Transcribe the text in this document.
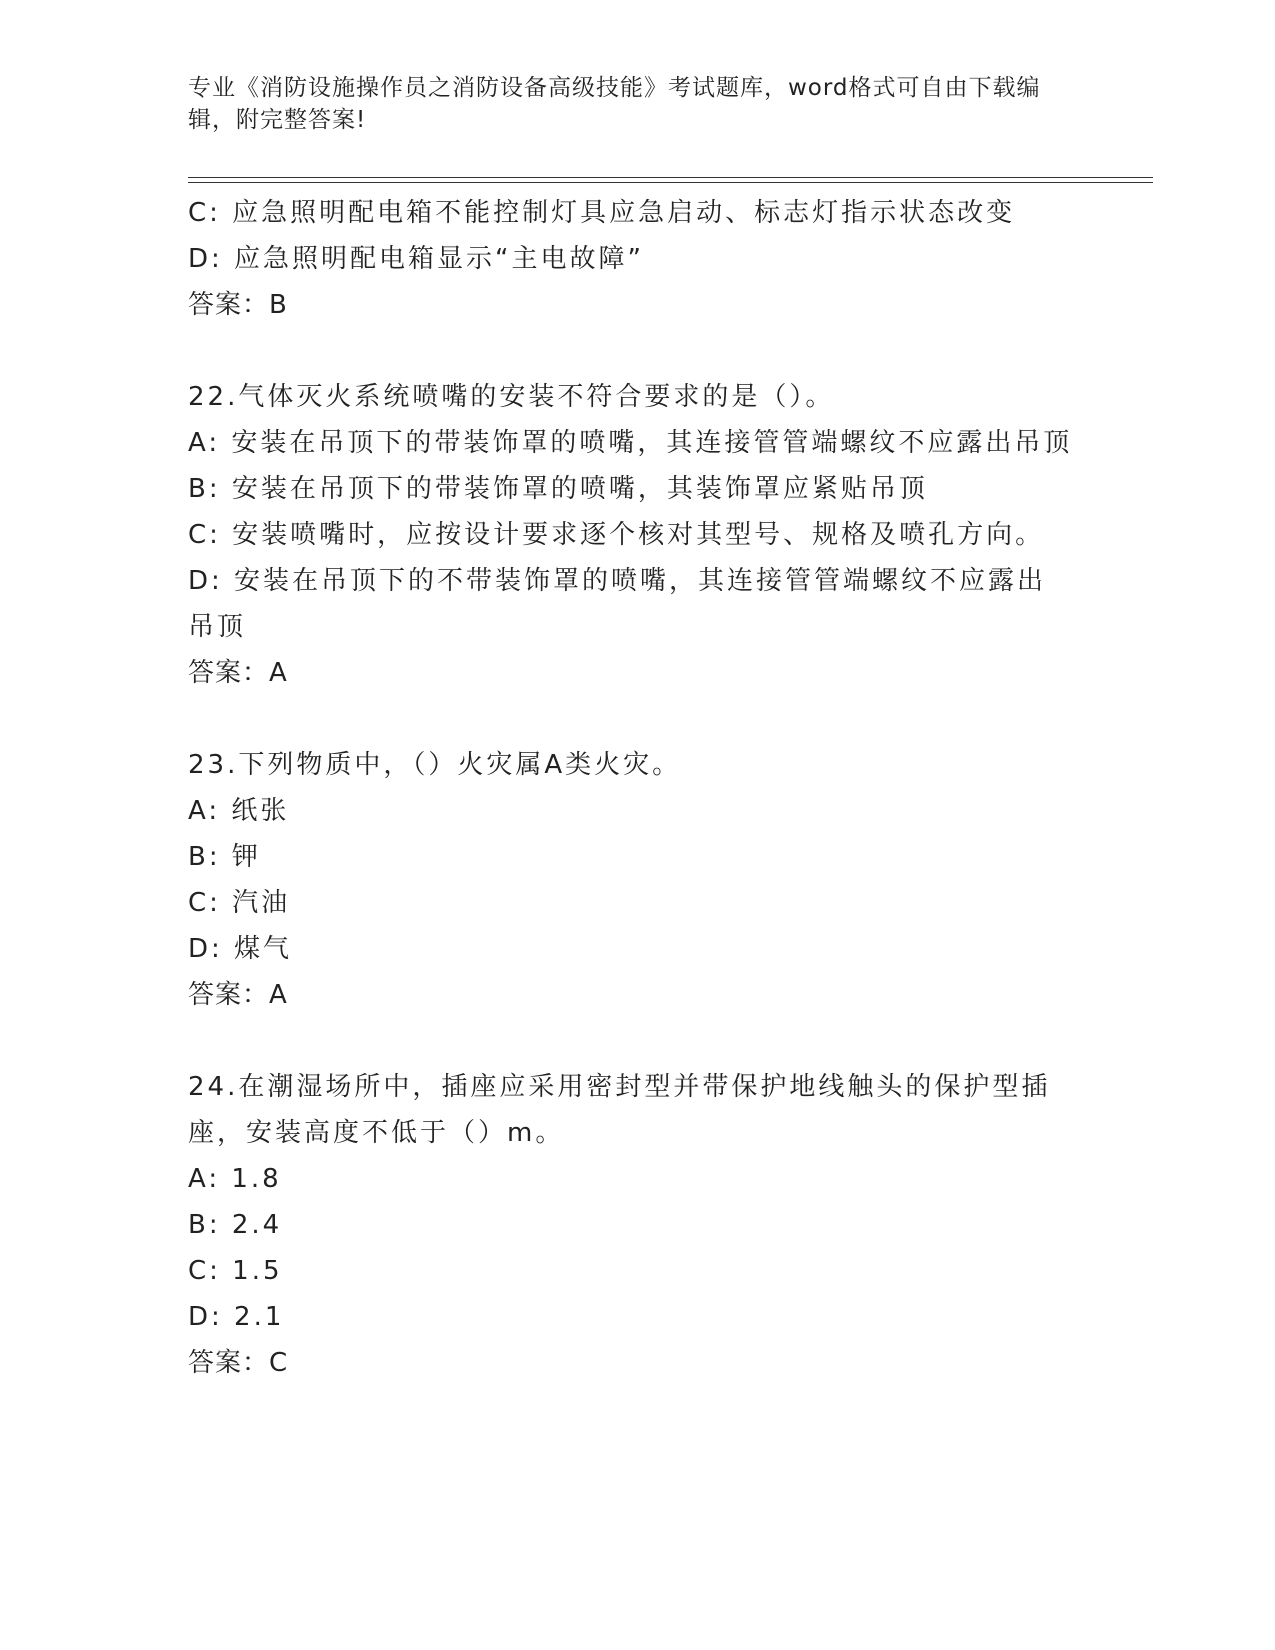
专业《消防设施操作员之消防设备高级技能》考试题库，word格式可自由下载编辑，附完整答案!
C: 应急照明配电箱不能控制灯具应急启动、标志灯指示状态改变
D: 应急照明配电箱显示“主电故障”
答案：B
22.气体灭火系统喷嘴的安装不符合要求的是（）。
A: 安装在吊顶下的带装饰罩的喷嘴，其连接管管端螺纹不应露出吊顶
B: 安装在吊顶下的带装饰罩的喷嘴，其装饰罩应紧贴吊顶
C: 安装喷嘴时，应按设计要求逐个核对其型号、规格及喷孔方向。
D: 安装在吊顶下的不带装饰罩的喷嘴，其连接管管端螺纹不应露出吊顶
答案：A
23.下列物质中，（）火灾属A类火灾。
A: 纸张
B: 钾
C: 汽油
D: 煤气
答案：A
24.在潮湿场所中，插座应采用密封型并带保护地线触头的保护型插座，安装高度不低于（）m。
A: 1.8
B: 2.4
C: 1.5
D: 2.1
答案：C
